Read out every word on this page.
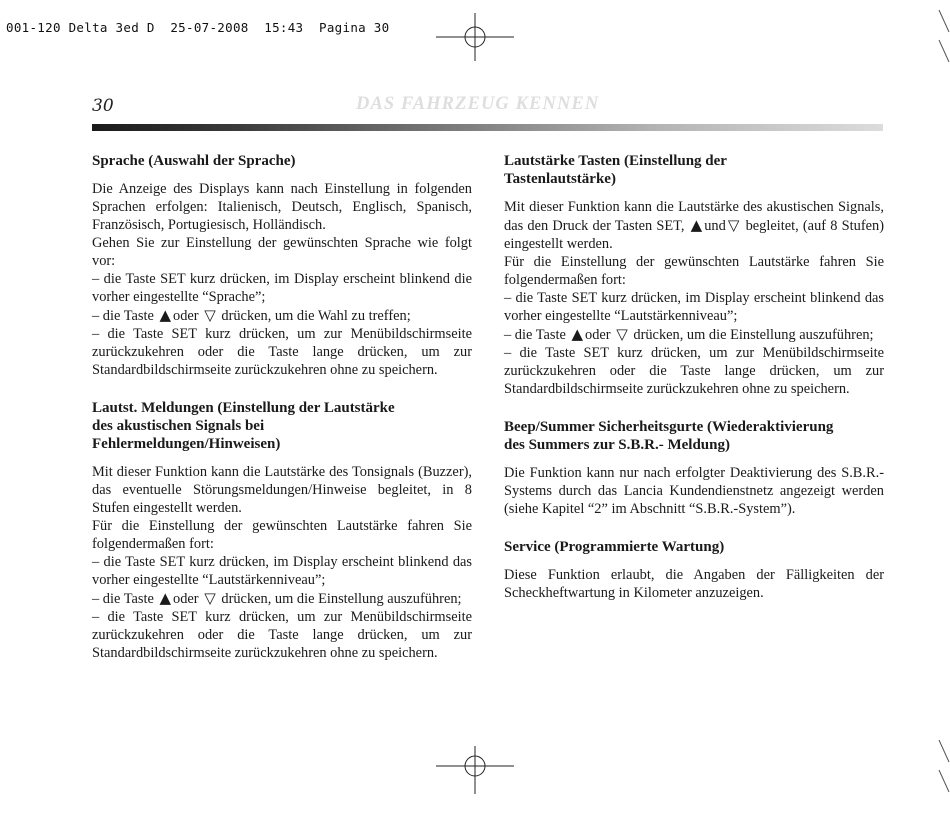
001-120 Delta 3ed D  25-07-2008  15:43  Pagina 30
30	DAS FAHRZEUG KENNEN
Sprache (Auswahl der Sprache)

Die Anzeige des Displays kann nach Einstellung in folgenden Sprachen erfolgen: Italienisch, Deutsch, Englisch, Spanisch, Französisch, Portugiesisch, Holländisch.

Gehen Sie zur Einstellung der gewünschten Sprache wie folgt vor:

– die Taste SET kurz drücken, im Display erscheint blinkend die vorher eingestellte “Sprache”;

– die Taste ▲ oder ▽ drücken, um die Wahl zu treffen;

– die Taste SET kurz drücken, um zur Menübildschirmseite zurückzukehren oder die Taste lange drücken, um zur Standardbildschirmseite zurückzukehren ohne zu speichern.

Lautst. Meldungen (Einstellung der Lautstärke
des akustischen Signals bei
Fehlermeldungen/Hinweisen)

Mit dieser Funktion kann die Lautstärke des Tonsignals (Buzzer), das eventuelle Störungsmeldungen/Hinweise begleitet, in 8 Stufen eingestellt werden.

Für die Einstellung der gewünschten Lautstärke fahren Sie folgendermaßen fort:

– die Taste SET kurz drücken, im Display erscheint blinkend das vorher eingestellte “Lautstärkenniveau”;

– die Taste ▲ oder ▽ drücken, um die Einstellung auszuführen;

– die Taste SET kurz drücken, um zur Menübildschirmseite zurückzukehren oder die Taste lange drücken, um zur Standardbildschirmseite zurückzukehren ohne zu speichern.

Lautstärke Tasten (Einstellung der
Tastenlautstärke)

Mit dieser Funktion kann die Lautstärke des akustischen Signals, das den Druck der Tasten SET, ▲ und ▽ begleitet, (auf 8 Stufen) eingestellt werden.

Für die Einstellung der gewünschten Lautstärke fahren Sie folgendermaßen fort:

– die Taste SET kurz drücken, im Display erscheint blinkend das vorher eingestellte “Lautstärkenniveau”;

– die Taste ▲ oder ▽ drücken, um die Einstellung auszuführen;

– die Taste SET kurz drücken, um zur Menübildschirmseite zurückzukehren oder die Taste lange drücken, um zur Standardbildschirmseite zurückzukehren ohne zu speichern.

Beep/Summer Sicherheitsgurte (Wiederaktivierung
des Summers zur S.B.R.- Meldung)

Die Funktion kann nur nach erfolgter Deaktivierung des S.B.R.-Systems durch das Lancia Kundendienstnetz angezeigt werden (siehe Kapitel “2” im Abschnitt “S.B.R.-System”).

Service (Programmierte Wartung)

Diese Funktion erlaubt, die Angaben der Fälligkeiten der Scheckheftwartung in Kilometer anzuzeigen.
